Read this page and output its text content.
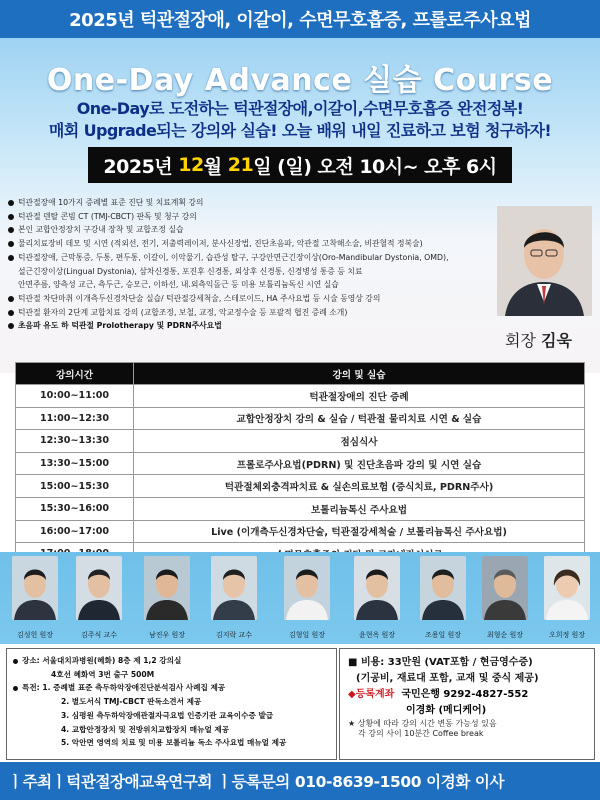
2025년 턱관절장애, 이갈이, 수면무호흡증, 프롤로주사요법
One-Day Advance 실습 Course
One-Day로 도전하는 턱관절장애,이갈이,수면무호흡증 완전정복!
매회 Upgrade되는 강의와 실습! 오늘 배워 내일 진료하고 보험 청구하자!
2025년
12 월
21 일
(일) 오전 10시~ 오후 6시
턱관절장애 10가지 증례별 표준 진단 및 치료계획 강의
턱관절 덴탈 콘빔 CT (TMJ-CBCT) 판독 및 청구 강의
본인 교합안정장치 구강내 장착 및 교합조정 실습
물리치료장비 데모 및 시연 (적외선, 전기, 저출력레이저, 분사신장법, 진단초음파, 악관절 고착해소술, 비관혈적 정복술)
턱관절장애, 근막통증, 두통, 편두통, 이갈이, 이악물기, 습관성 탈구, 구강안면근긴장이상(Oro-Mandibular Dystonia, OMD),
설근긴장이상(Lingual Dystonia), 삼차신경통, 포진후 신경통, 외상후 신경통, 신경병성 통증 등 치료
안면주름, 양측성 교근, 측두근, 승모근, 이하선, 내.외측익돌근 등 미용 보톨리늄독신 시연 실습
턱관절 차단마취 이개측두신경차단술 실습/ 턱관절강세척술, 스테로이드, HA 주사요법 등 시술 동영상 강의
턱관절 환자의 2단계 교합치료 강의 (교합조정, 보철, 교정, 악교정수술 등 포괄적 협진 증례 소개)
초음파 유도 하 턱관절 Prolotherapy 및 PDRN주사요법
회장 김욱
강의시간	강의 및 실습
10:00~11:00	턱관절장애의 진단 증례
11:00~12:30	교합안정장치 강의 & 실습 / 턱관절 물리치료 시연 & 실습
12:30~13:30	점심식사
13:30~15:00	프롤로주사요법(PDRN) 및 진단초음파 강의 및 시연 실습
15:00~15:30	턱관절체외충격파치료 & 실손의료보험 (증식치료, PDRN주사)
15:30~16:00	보톨리늄톡신 주사요법
16:00~17:00	Live (이개측두신경차단술, 턱관절강세척술 / 보톨리늄톡신 주사요법)

김성헌 원장	김주식 교수	남진우 원장	김지락 교수	김형일 원장	윤현옥 원장	조용일 원장	최형순 원장	오희정 원장
장소: 서울대치과병원(혜화) 8층 제 1,2 강의실
4호선 혜화역 3번 출구 500M
특전: 1. 증례별 표준 측두하악장애진단분석검사 사례집 제공
2. 별도서식 TMJ-CBCT 판독소견서 제공
3. 심평원 측두하악장애관절자극요법 인증기관 교육이수증 발급
4. 교합안정장치 및 전방위치교합장치 매뉴얼 제공
5. 악안면 영역의 치료 및 미용 보톨리늄 독소 주사요법 매뉴얼 제공
■ 비용: 33만원 (VAT포함 / 현금영수증)
(기공비, 재료대 포함, 교재 및 중식 제공)
◆등록계좌 국민은행 9292-4827-552
이경화 (메디케어)
★ 상황에 따라 강의 시간 변동 가능성 있음
각 강의 사이 10분간 Coffee break
ㅣ주최ㅣ턱관절장애교육연구회 ㅣ등록문의 010-8639-1500 이경화 이사
